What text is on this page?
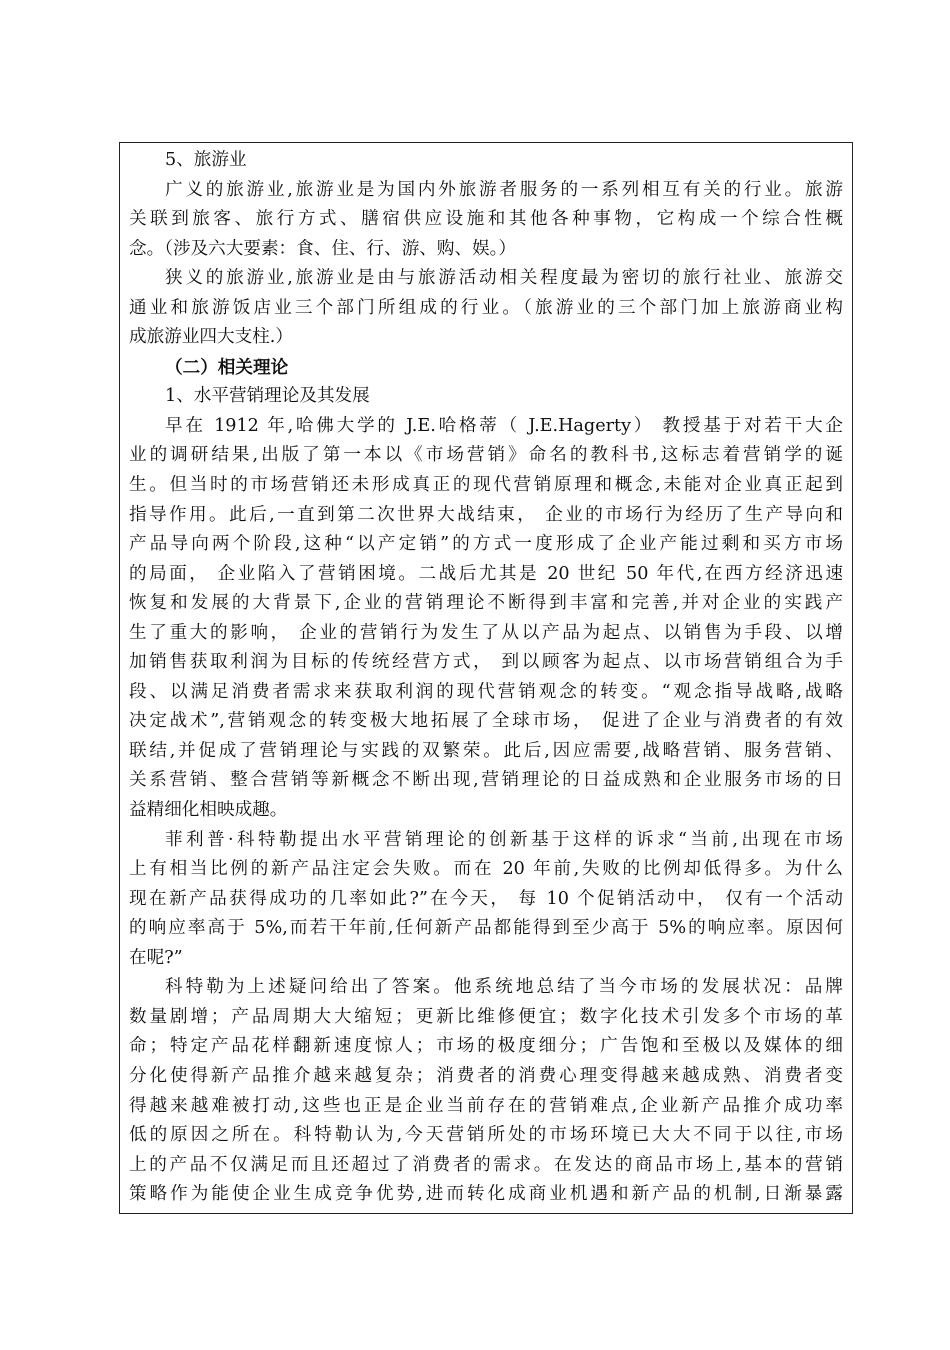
5、旅游业
广义的旅游业,旅游业是为国内外旅游者服务的一系列相互有关的行业。旅游
关联到旅客、旅行方式、膳宿供应设施和其他各种事物，它构成一个综合性概
念。（涉及六大要素：食、住、行、游、购、娱。）
狭义的旅游业,旅游业是由与旅游活动相关程度最为密切的旅行社业、旅游交
通业和旅游饭店业三个部门所组成的行业。（旅游业的三个部门加上旅游商业构
成旅游业四大支柱.）
（二）相关理论
1、水平营销理论及其发展
早在 1912 年,哈佛大学的 J.E.哈格蒂（ J.E.Hagerty） 教授基于对若干大企
业的调研结果,出版了第一本以《市场营销》命名的教科书,这标志着营销学的诞
生。但当时的市场营销还未形成真正的现代营销原理和概念,未能对企业真正起到
指导作用。此后,一直到第二次世界大战结束， 企业的市场行为经历了生产导向和
产品导向两个阶段,这种“以产定销”的方式一度形成了企业产能过剩和买方市场
的局面， 企业陷入了营销困境。二战后尤其是 20 世纪 50 年代,在西方经济迅速
恢复和发展的大背景下,企业的营销理论不断得到丰富和完善,并对企业的实践产
生了重大的影响， 企业的营销行为发生了从以产品为起点、以销售为手段、以增
加销售获取利润为目标的传统经营方式， 到以顾客为起点、以市场营销组合为手
段、以满足消费者需求来获取利润的现代营销观念的转变。“观念指导战略,战略
决定战术”,营销观念的转变极大地拓展了全球市场， 促进了企业与消费者的有效
联结,并促成了营销理论与实践的双繁荣。此后,因应需要,战略营销、服务营销、
关系营销、整合营销等新概念不断出现,营销理论的日益成熟和企业服务市场的日
益精细化相映成趣。
菲利普·科特勒提出水平营销理论的创新基于这样的诉求“当前,出现在市场
上有相当比例的新产品注定会失败。而在 20 年前,失败的比例却低得多。为什么
现在新产品获得成功的几率如此?”在今天， 每 10 个促销活动中， 仅有一个活动
的响应率高于 5%,而若干年前,任何新产品都能得到至少高于 5%的响应率。原因何
在呢?”
科特勒为上述疑问给出了答案。他系统地总结了当今市场的发展状况：品牌
数量剧增；产品周期大大缩短；更新比维修便宜；数字化技术引发多个市场的革
命；特定产品花样翻新速度惊人；市场的极度细分；广告饱和至极以及媒体的细
分化使得新产品推介越来越复杂；消费者的消费心理变得越来越成熟、消费者变
得越来越难被打动,这些也正是企业当前存在的营销难点,企业新产品推介成功率
低的原因之所在。科特勒认为,今天营销所处的市场环境已大大不同于以往,市场
上的产品不仅满足而且还超过了消费者的需求。在发达的商品市场上,基本的营销
策略作为能使企业生成竞争优势,进而转化成商业机遇和新产品的机制,日渐暴露
